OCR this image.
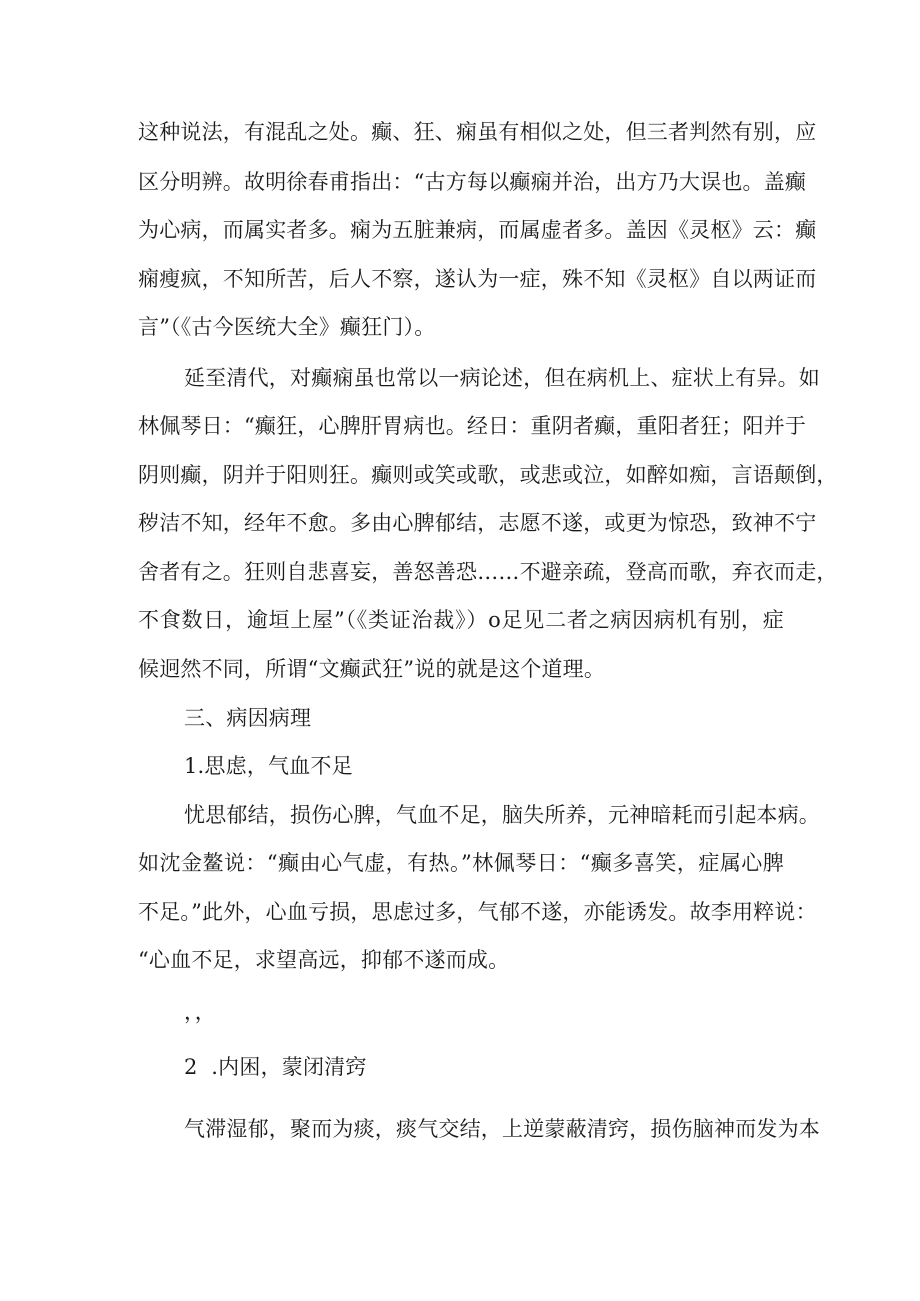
这种说法，有混乱之处。癫、狂、痫虽有相似之处，但三者判然有别，应
区分明辨。故明徐春甫指出：“古方每以癫痫并治，出方乃大误也。盖癫
为心病，而属实者多。痫为五脏兼病，而属虚者多。盖因《灵枢》云：癫
痫瘦疯，不知所苦，后人不察，遂认为一症，殊不知《灵枢》自以两证而
言”（《古今医统大全》癫狂门）。
延至清代，对癫痫虽也常以一病论述，但在病机上、症状上有异。如
林佩琴日：“癫狂，心脾肝胃病也。经日：重阴者癫，重阳者狂；阳并于
阴则癫，阴并于阳则狂。癫则或笑或歌，或悲或泣，如醉如痴，言语颠倒，
秽洁不知，经年不愈。多由心脾郁结，志愿不遂，或更为惊恐，致神不宁
舍者有之。狂则自悲喜妄，善怒善恐……不避亲疏，登高而歌，弃衣而走，
不食数日，逾垣上屋”（《类证治裁》）o足见二者之病因病机有别，症
候迥然不同，所谓“文癫武狂”说的就是这个道理。
三、病因病理
1.思虑，气血不足
忧思郁结，损伤心脾，气血不足，脑失所养，元神暗耗而引起本病。
如沈金鳌说：“癫由心气虚，有热。”林佩琴日：“癫多喜笑，症属心脾
不足。”此外，心血亏损，思虑过多，气郁不遂，亦能诱发。故李用粹说：
“心血不足，求望高远，抑郁不遂而成。
，，
2  .内困，蒙闭清窍
气滞湿郁，聚而为痰，痰气交结，上逆蒙蔽清窍，损伤脑神而发为本
